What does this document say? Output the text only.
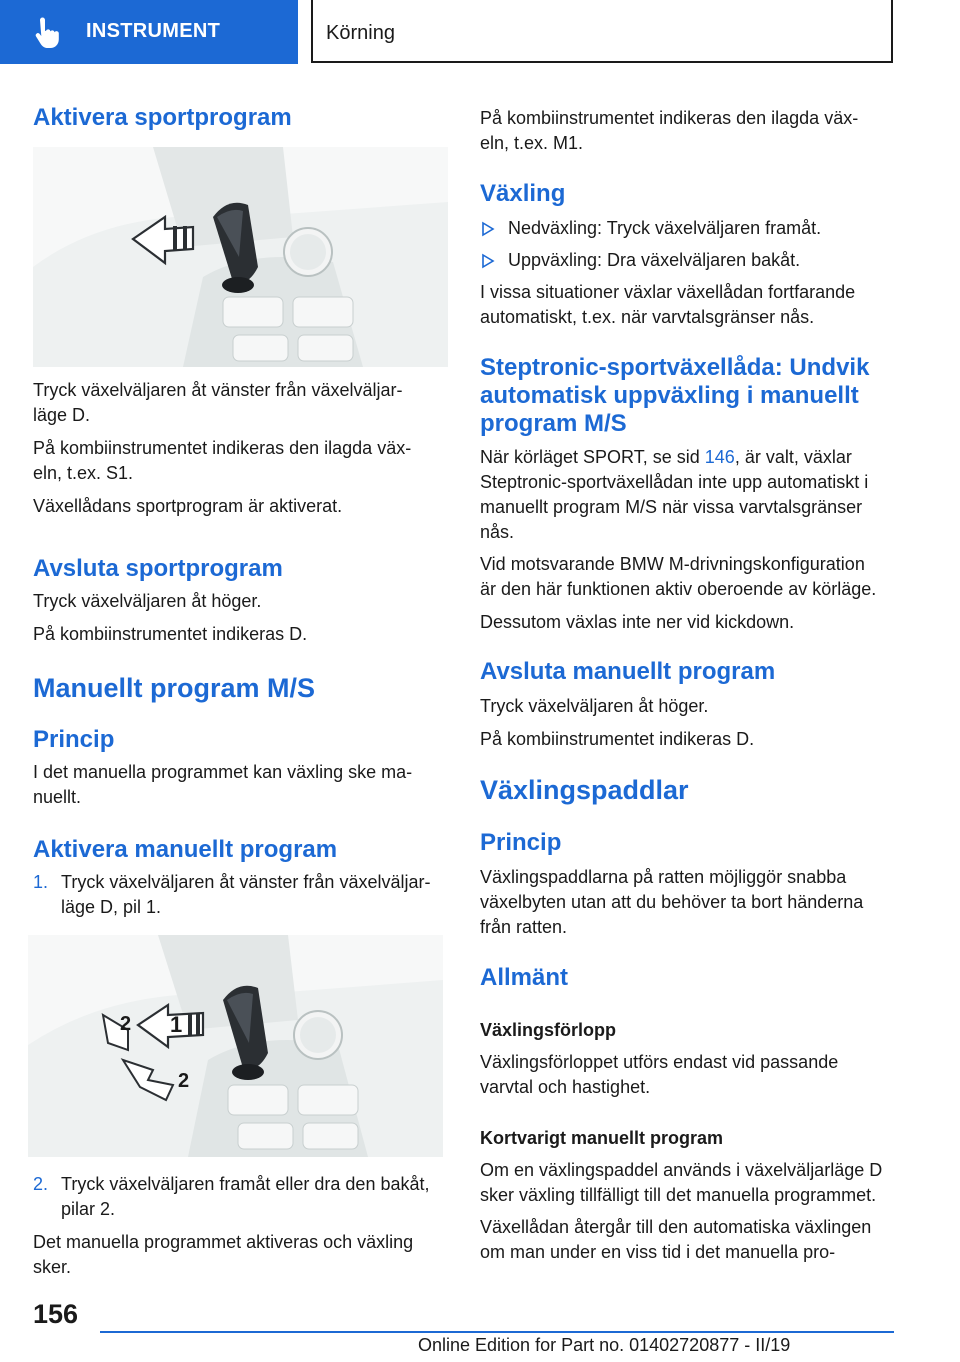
INSTRUMENT	Körning
Aktivera sportprogram
Tryck växelväljaren åt vänster från växelväljar-
läge D.
På kombiinstrumentet indikeras den ilagda väx-
eln, t.ex. S1.
Växellådans sportprogram är aktiverat.
Avsluta sportprogram
Tryck växelväljaren åt höger.
På kombiinstrumentet indikeras D.
Manuellt program M/S
Princip
I det manuella programmet kan växling ske ma-
nuellt.
Aktivera manuellt program
1. Tryck växelväljaren åt vänster från växelväljar-
läge D, pil 1.
1
2
2
2. Tryck växelväljaren framåt eller dra den bakåt,
pilar 2.
Det manuella programmet aktiveras och växling
sker.
På kombiinstrumentet indikeras den ilagda väx-
eln, t.ex. M1.
Växling
Nedväxling: Tryck växelväljaren framåt.
Uppväxling: Dra växelväljaren bakåt.
I vissa situationer växlar växellådan fortfarande
automatiskt, t.ex. när varvtalsgränser nås.
Steptronic-sportväxellåda: Undvik
automatisk uppväxling i manuellt
program M/S
När körläget SPORT, se sid 146, är valt, växlar
Steptronic-sportväxellådan inte upp automatiskt i
manuellt program M/S när vissa varvtalsgränser
nås.
Vid motsvarande BMW M-drivningskonfiguration
är den här funktionen aktiv oberoende av körläge.
Dessutom växlas inte ner vid kickdown.
Avsluta manuellt program
Tryck växelväljaren åt höger.
På kombiinstrumentet indikeras D.
Växlingspaddlar
Princip
Växlingspaddlarna på ratten möjliggör snabba
växelbyten utan att du behöver ta bort händerna
från ratten.
Allmänt
Växlingsförlopp
Växlingsförloppet utförs endast vid passande
varvtal och hastighet.
Kortvarigt manuellt program
Om en växlingspaddel används i växelväljarläge D
sker växling tillfälligt till det manuella programmet.
Växellådan återgår till den automatiska växlingen
om man under en viss tid i det manuella pro-
156
Online Edition for Part no. 01402720877 - II/19
